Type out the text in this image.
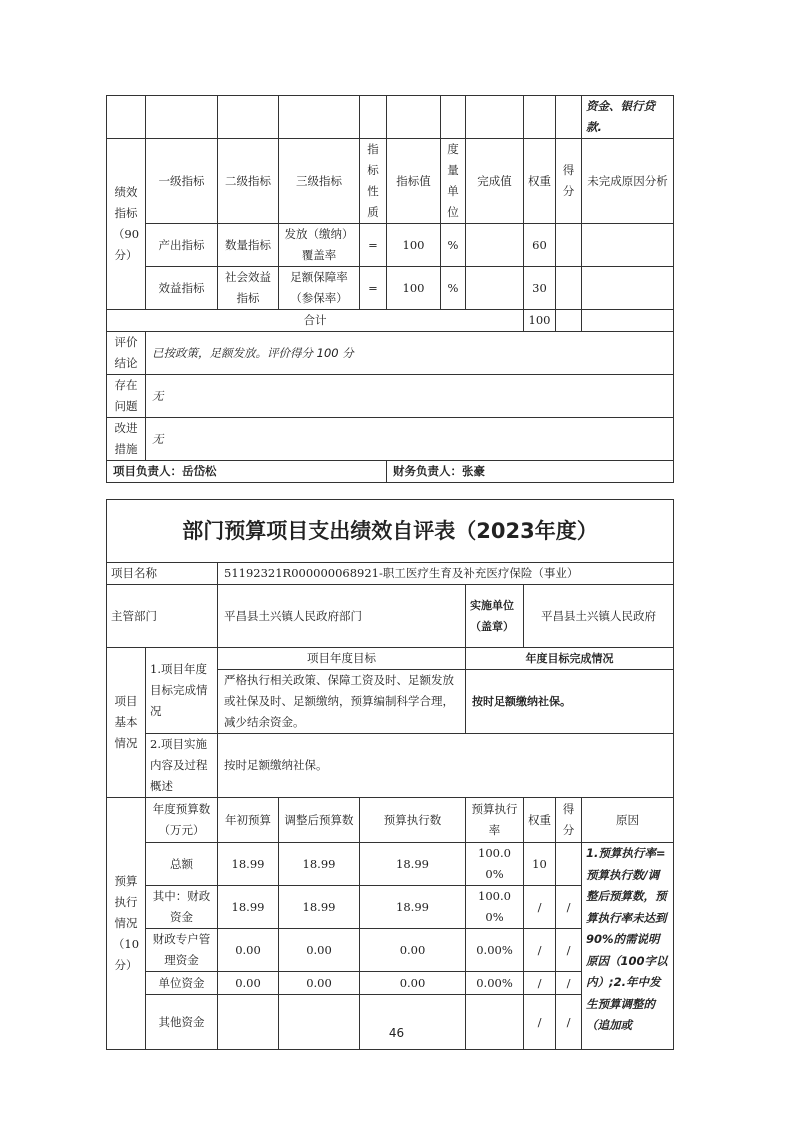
										资金、银行贷款.
绩效指标（90分）	一级指标	二级指标	三级指标	指标性质	指标值	度量单位	完成值	权重	得分	未完成原因分析
	产出指标	数量指标	发放（缴纳）覆盖率	=	100	%		60		
	效益指标	社会效益指标	足额保障率（参保率）	=	100	%		30		
合计								100		
评价结论	已按政策，足额发放。评价得分 100 分									
存在问题	无									
改进措施	无									
项目负责人：岳岱松					财务负责人：张豪					
部门预算项目支出绩效自评表（2023年度）								
项目名称		51192321R000000068921-职工医疗生育及补充医疗保险（事业）						
主管部门		平昌县土兴镇人民政府部门			实施单位（盖章）	平昌县土兴镇人民政府		
项目基本情况	1.项目年度目标完成情况	项目年度目标			年度目标完成情况			
		严格执行相关政策、保障工资及时、足额发放或社保及时、足额缴纳，预算编制科学合理，减少结余资金。			按时足额缴纳社保。			
	2.项目实施内容及过程概述	按时足额缴纳社保。						
预算执行情况（10分）	年度预算数（万元）	年初预算	调整后预算数	预算执行数	预算执行率	权重	得分	原因
	总额	18.99	18.99	18.99	100.00%	10		1.预算执行率=预算执行数/调整后预算数，预算执行率未达到90%的需说明原因（100字以内）;2.年中发生预算调整的（追加或
	其中：财政资金	18.99	18.99	18.99	100.00%	/	/	
	财政专户管理资金	0.00	0.00	0.00	0.00%	/	/	
	单位资金	0.00	0.00	0.00	0.00%	/	/	
	其他资金					/	/	
46
